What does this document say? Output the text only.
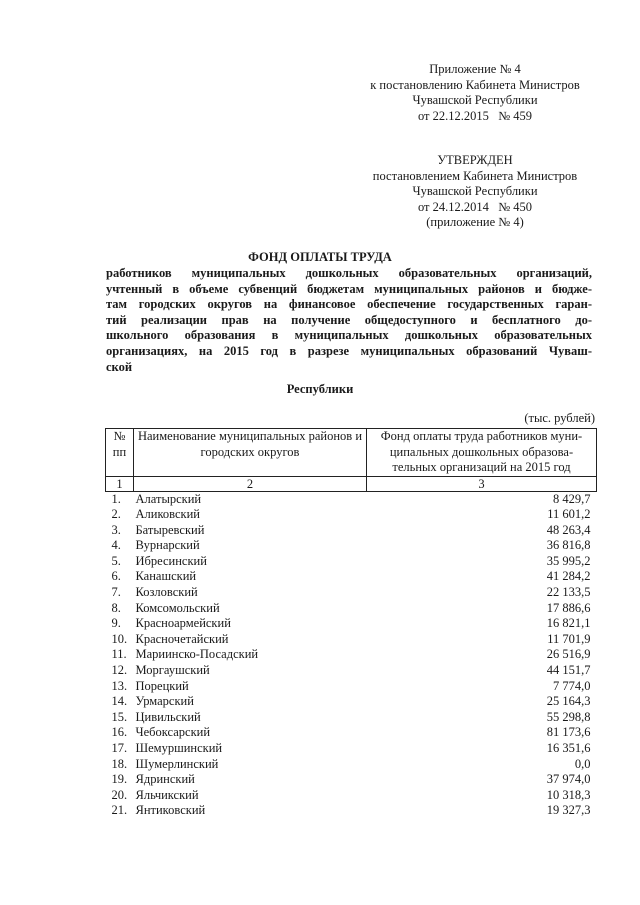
Приложение № 4
к постановлению Кабинета Министров
Чувашской Республики
от 22.12.2015   № 459
УТВЕРЖДЕН
постановлением Кабинета Министров
Чувашской Республики
от 24.12.2014   № 450
(приложение № 4)
ФОНД ОПЛАТЫ ТРУДА
работников муниципальных дошкольных образовательных организаций,
учтенный в объеме субвенций бюджетам муниципальных районов и бюдже-
там городских округов на финансовое обеспечение государственных гаран-
тий реализации прав на получение общедоступного и бесплатного до-
школьного образования в муниципальных дошкольных образовательных
организациях, на 2015 год в разрезе муниципальных образований Чуваш-
ской
Республики
(тыс. рублей)
№ пп	Наименование муниципальных районов и городских округов	Фонд оплаты труда работников муни-ципальных дошкольных образова-тельных организаций на 2015 год
1	2	3
1.	Алатырский	8 429,7
2.	Аликовский	11 601,2
3.	Батыревский	48 263,4
4.	Вурнарский	36 816,8
5.	Ибресинский	35 995,2
6.	Канашский	41 284,2
7.	Козловский	22 133,5
8.	Комсомольский	17 886,6
9.	Красноармейский	16 821,1
10.	Красночетайский	11 701,9
11.	Мариинско-Посадский	26 516,9
12.	Моргаушский	44 151,7
13.	Порецкий	7 774,0
14.	Урмарский	25 164,3
15.	Цивильский	55 298,8
16.	Чебоксарский	81 173,6
17.	Шемуршинский	16 351,6
18.	Шумерлинский	0,0
19.	Ядринский	37 974,0
20.	Яльчикский	10 318,3
21.	Янтиковский	19 327,3
